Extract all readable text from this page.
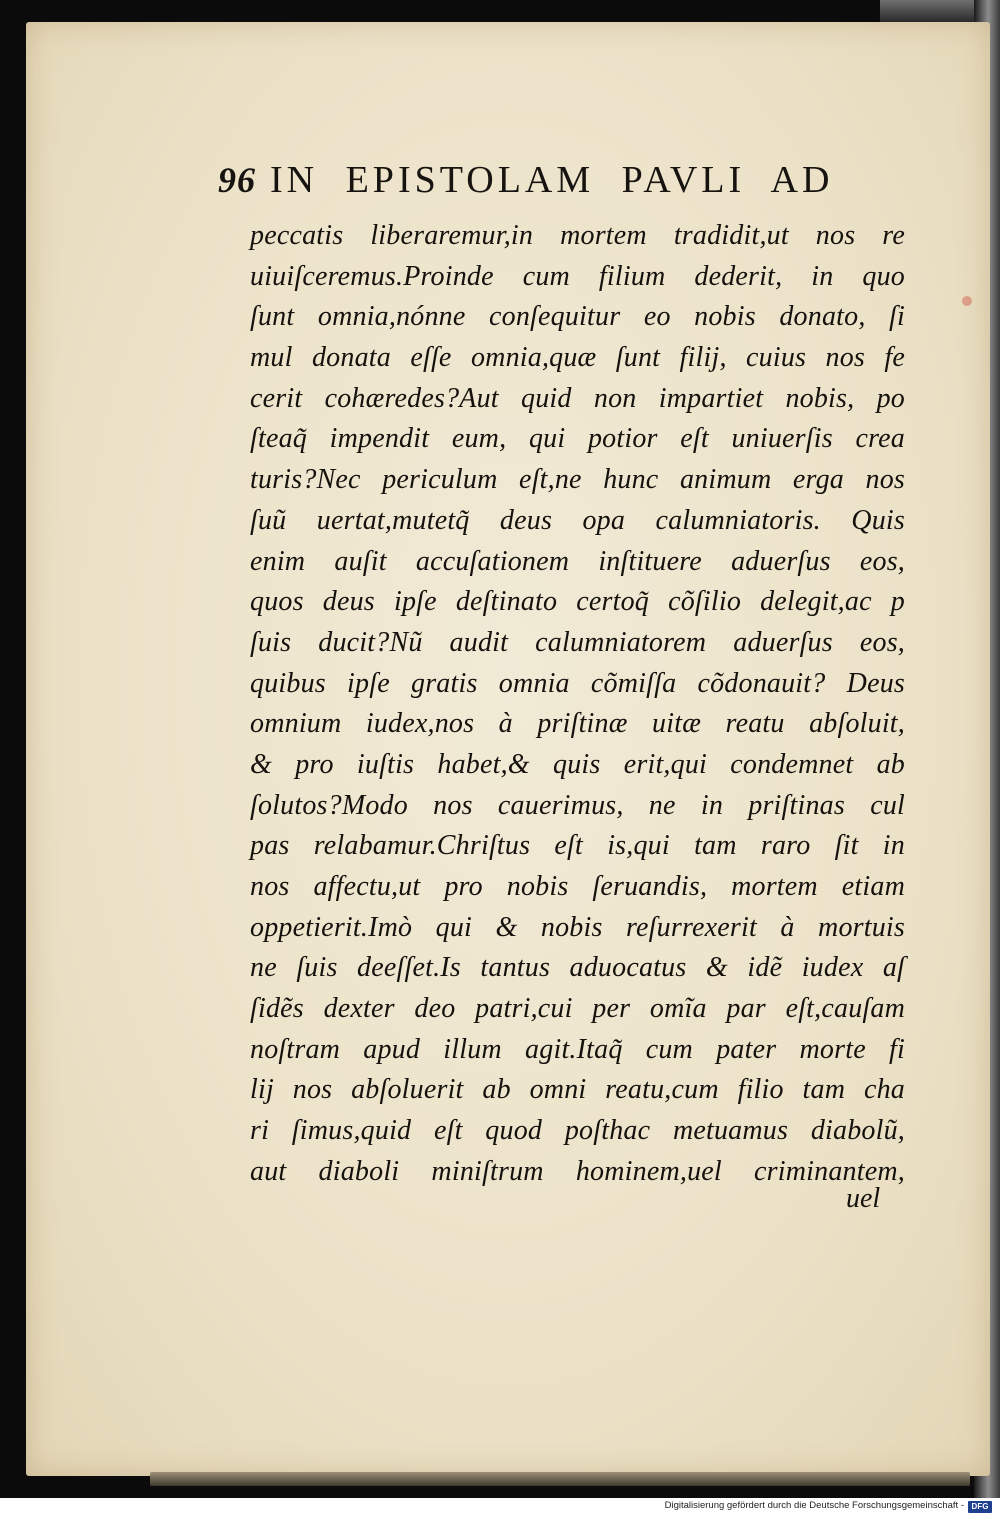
96 IN EPISTOLAM PAVLI AD
peccatis liberaremur,in mortem tradidit,ut nos re
uiuiſceremus.Proinde cum filium dederit, in quo
ſunt omnia,nónne conſequitur eo nobis donato, ſi
mul donata eſſe omnia,quæ ſunt filij, cuius nos fe
cerit cohæredes?Aut quid non impartiet nobis, po
ſteaq̃ impendit eum, qui potior eſt uniuerſis crea
turis?Nec periculum eſt,ne hunc animum erga nos
ſuũ uertat,mutetq̃ deus opa calumniatoris. Quis
enim auſit accuſationem inſtituere aduerſus eos,
quos deus ipſe deſtinato certoq̃ cõſilio delegit,ac p
ſuis ducit?Nũ audit calumniatorem aduerſus eos,
quibus ipſe gratis omnia cõmiſſa cõdonauit? Deus
omnium iudex,nos à priſtinæ uitæ reatu abſoluit,
& pro iuſtis habet,& quis erit,qui condemnet ab
ſolutos?Modo nos cauerimus, ne in priſtinas cul
pas relabamur.Chriſtus eſt is,qui tam raro ſit in
nos affectu,ut pro nobis ſeruandis, mortem etiam
oppetierit.Imò qui & nobis reſurrexerit à mortuis
ne ſuis deeſſet.Is tantus aduocatus & idẽ iudex aſ
ſidẽs dexter deo patri,cui per omĩa par eſt,cauſam
noſtram apud illum agit.Itaq̃ cum pater morte fi
lij nos abſoluerit ab omni reatu,cum filio tam cha
ri ſimus,quid eſt quod poſthac metuamus diabolũ,
aut diaboli miniſtrum hominem,uel criminantem,
uel
Digitalisierung gefördert durch die Deutsche Forschungsgemeinschaft - DFG
